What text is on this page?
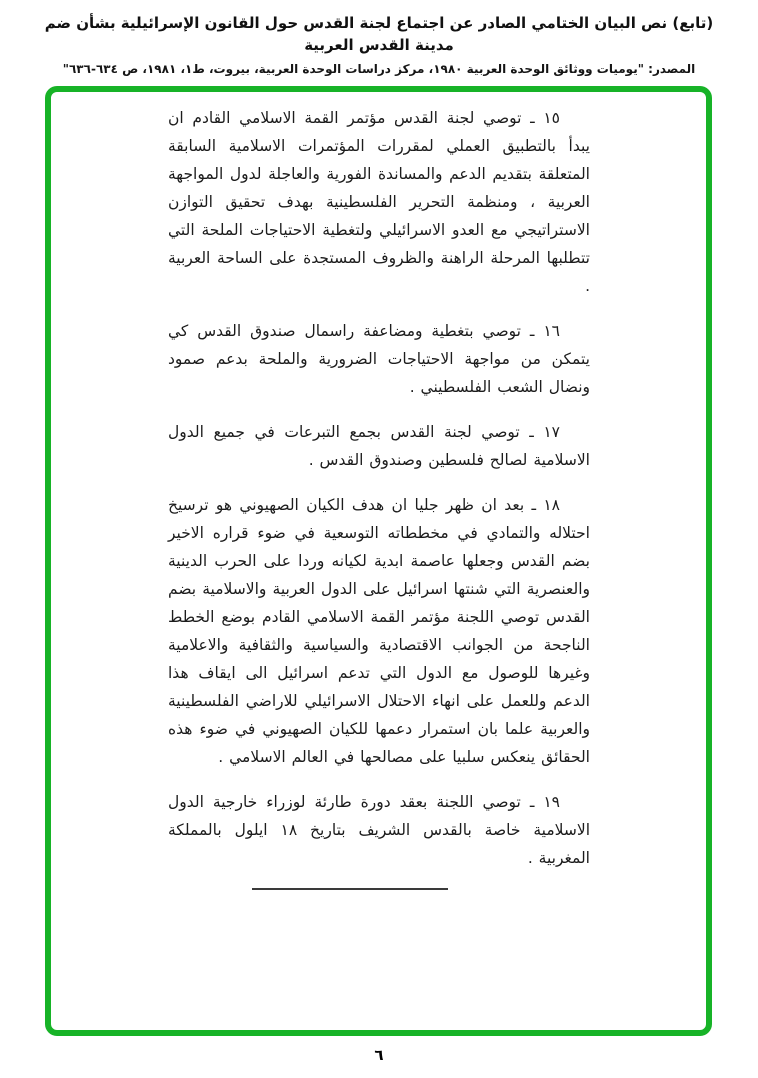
(تابع) نص البيان الختامي الصادر عن اجتماع لجنة القدس حول القانون الإسرائيلية بشأن ضم مدينة القدس العربية
المصدر: "يوميات ووثائق الوحدة العربية ١٩٨٠، مركز دراسات الوحدة العربية، بيروت، ط١، ١٩٨١، ص ٦٣٤-٦٣٦"

١٥ ـ توصي لجنة القدس مؤتمر القمة الاسلامي القادم ان يبدأ بالتطبيق العملي لمقررات المؤتمرات الاسلامية السابقة المتعلقة بتقديم الدعم والمساندة الفورية والعاجلة لدول المواجهة العربية ، ومنظمة التحرير الفلسطينية بهدف تحقيق التوازن الاستراتيجي مع العدو الاسرائيلي ولتغطية الاحتياجات الملحة التي تتطلبها المرحلة الراهنة والظروف المستجدة على الساحة العربية .

١٦ ـ توصي بتغطية ومضاعفة راسمال صندوق القدس كي يتمكن من مواجهة الاحتياجات الضرورية والملحة بدعم صمود ونضال الشعب الفلسطيني .

١٧ ـ توصي لجنة القدس بجمع التبرعات في جميع الدول الاسلامية لصالح فلسطين وصندوق القدس .

١٨ ـ بعد ان ظهر جليا ان هدف الكيان الصهيوني هو ترسيخ احتلاله والتمادي في مخططاته التوسعية في ضوء قراره الاخير بضم القدس وجعلها عاصمة ابدية لكيانه وردا على الحرب الدينية والعنصرية التي شنتها اسرائيل على الدول العربية والاسلامية بضم القدس توصي اللجنة مؤتمر القمة الاسلامي القادم بوضع الخطط الناجحة من الجوانب الاقتصادية والسياسية والثقافية والاعلامية وغيرها للوصول مع الدول التي تدعم اسرائيل الى ايقاف هذا الدعم وللعمل على انهاء الاحتلال الاسرائيلي للاراضي الفلسطينية والعربية علما بان استمرار دعمها للكيان الصهيوني في ضوء هذه الحقائق ينعكس سلبيا على مصالحها في العالم الاسلامي .

١٩ ـ توصي اللجنة بعقد دورة طارئة لوزراء خارجية الدول الاسلامية خاصة بالقدس الشريف بتاريخ ١٨ ايلول بالمملكة المغربية .

٦
